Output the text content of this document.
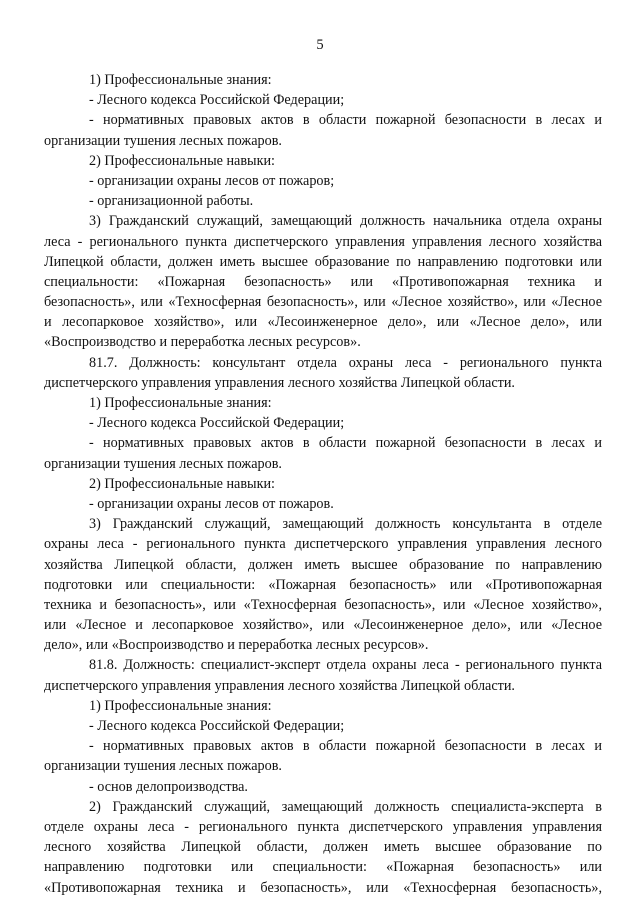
5
1) Профессиональные знания:
- Лесного кодекса Российской Федерации;
- нормативных правовых актов в области пожарной безопасности в лесах и
организации тушения лесных пожаров.
2) Профессиональные навыки:
- организации охраны лесов от пожаров;
- организационной работы.
3) Гражданский служащий, замещающий должность начальника отдела охраны
леса - регионального пункта диспетчерского управления управления лесного хозяйства
Липецкой области, должен иметь высшее образование по направлению подготовки или
специальности: «Пожарная безопасность» или «Противопожарная техника и
безопасность», или «Техносферная безопасность», или «Лесное хозяйство», или «Лесное
и лесопарковое хозяйство», или «Лесоинженерное дело», или «Лесное дело», или
«Воспроизводство и переработка лесных ресурсов».
81.7. Должность: консультант отдела охраны леса - регионального пункта
диспетчерского управления управления лесного хозяйства Липецкой области.
1) Профессиональные знания:
- Лесного кодекса Российской Федерации;
- нормативных правовых актов в области пожарной безопасности в лесах и
организации тушения лесных пожаров.
2) Профессиональные навыки:
- организации охраны лесов от пожаров.
3) Гражданский служащий, замещающий должность консультанта в отделе
охраны леса - регионального пункта диспетчерского управления управления лесного
хозяйства Липецкой области, должен иметь высшее образование по направлению
подготовки или специальности: «Пожарная безопасность» или «Противопожарная
техника и безопасность», или «Техносферная безопасность», или «Лесное хозяйство»,
или «Лесное и лесопарковое хозяйство», или «Лесоинженерное дело», или «Лесное
дело», или «Воспроизводство и переработка лесных ресурсов».
81.8. Должность: специалист-эксперт отдела охраны леса - регионального пункта
диспетчерского управления управления лесного хозяйства Липецкой области.
1) Профессиональные знания:
- Лесного кодекса Российской Федерации;
- нормативных правовых актов в области пожарной безопасности в лесах и
организации тушения лесных пожаров.
- основ делопроизводства.
2) Гражданский служащий, замещающий должность специалиста-эксперта в
отделе охраны леса - регионального пункта диспетчерского управления управления
лесного хозяйства Липецкой области, должен иметь высшее образование по
направлению подготовки или специальности: «Пожарная безопасность» или
«Противопожарная техника и безопасность», или «Техносферная безопасность»,
